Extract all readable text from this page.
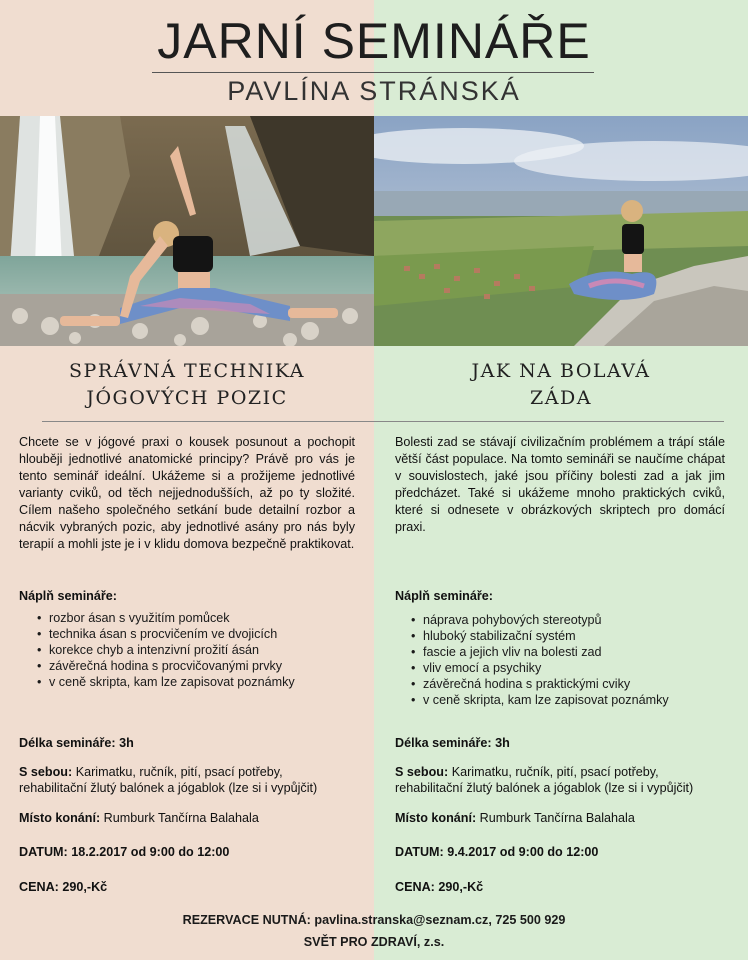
JARNÍ SEMINÁŘE
PAVLÍNA STRÁNSKÁ
SPRÁVNÁ TECHNIKA
JÓGOVÝCH POZIC
JAK NA BOLAVÁ
ZÁDA
Chcete se v jógové praxi o kousek posunout a pochopit hlouběji jednotlivé anatomické principy? Právě pro vás je tento seminář ideální. Ukážeme si a prožijeme jednotlivé varianty cviků, od těch nejjednodušších, až po ty složité. Cílem našeho společného setkání bude detailní rozbor a nácvik vybraných pozic, aby jednotlivé asány pro nás byly terapií a mohli jste je i v klidu domova bezpečně praktikovat.
Náplň semináře:
• rozbor ásan s využitím pomůcek
• technika ásan s procvičením ve dvojicích
• korekce chyb a intenzivní prožití ásán
• závěrečná hodina s procvičovanými prvky
• v ceně skripta, kam lze zapisovat poznámky
Délka semináře: 3h
S sebou: Karimatku, ručník, pití, psací potřeby, rehabilitační žlutý balónek a jógablok (lze si i vypůjčit)
Místo konání: Rumburk Tančírna Balahala
DATUM: 18.2.2017 od 9:00 do 12:00
CENA: 290,-Kč
Bolesti zad se stávají civilizačním problémem a trápí stále větší část populace. Na tomto semináři se naučíme chápat v souvislostech, jaké jsou příčiny bolesti zad a jak jim předcházet. Také si ukážeme mnoho praktických cviků, které si odnesete v obrázkových skriptech pro domácí praxi.
Náplň semináře:
• náprava pohybových stereotypů
• hluboký stabilizační systém
• fascie a jejich vliv na bolesti zad
• vliv emocí a psychiky
• závěrečná hodina s praktickými cviky
• v ceně skripta, kam lze zapisovat poznámky
Délka semináře: 3h
S sebou: Karimatku, ručník, pití, psací potřeby, rehabilitační žlutý balónek a jógablok (lze si i vypůjčit)
Místo konání: Rumburk Tančírna Balahala
DATUM: 9.4.2017 od 9:00 do 12:00
CENA: 290,-Kč
REZERVACE NUTNÁ: pavlina.stranska@seznam.cz, 725 500 929
SVĚT PRO ZDRAVÍ, z.s.
